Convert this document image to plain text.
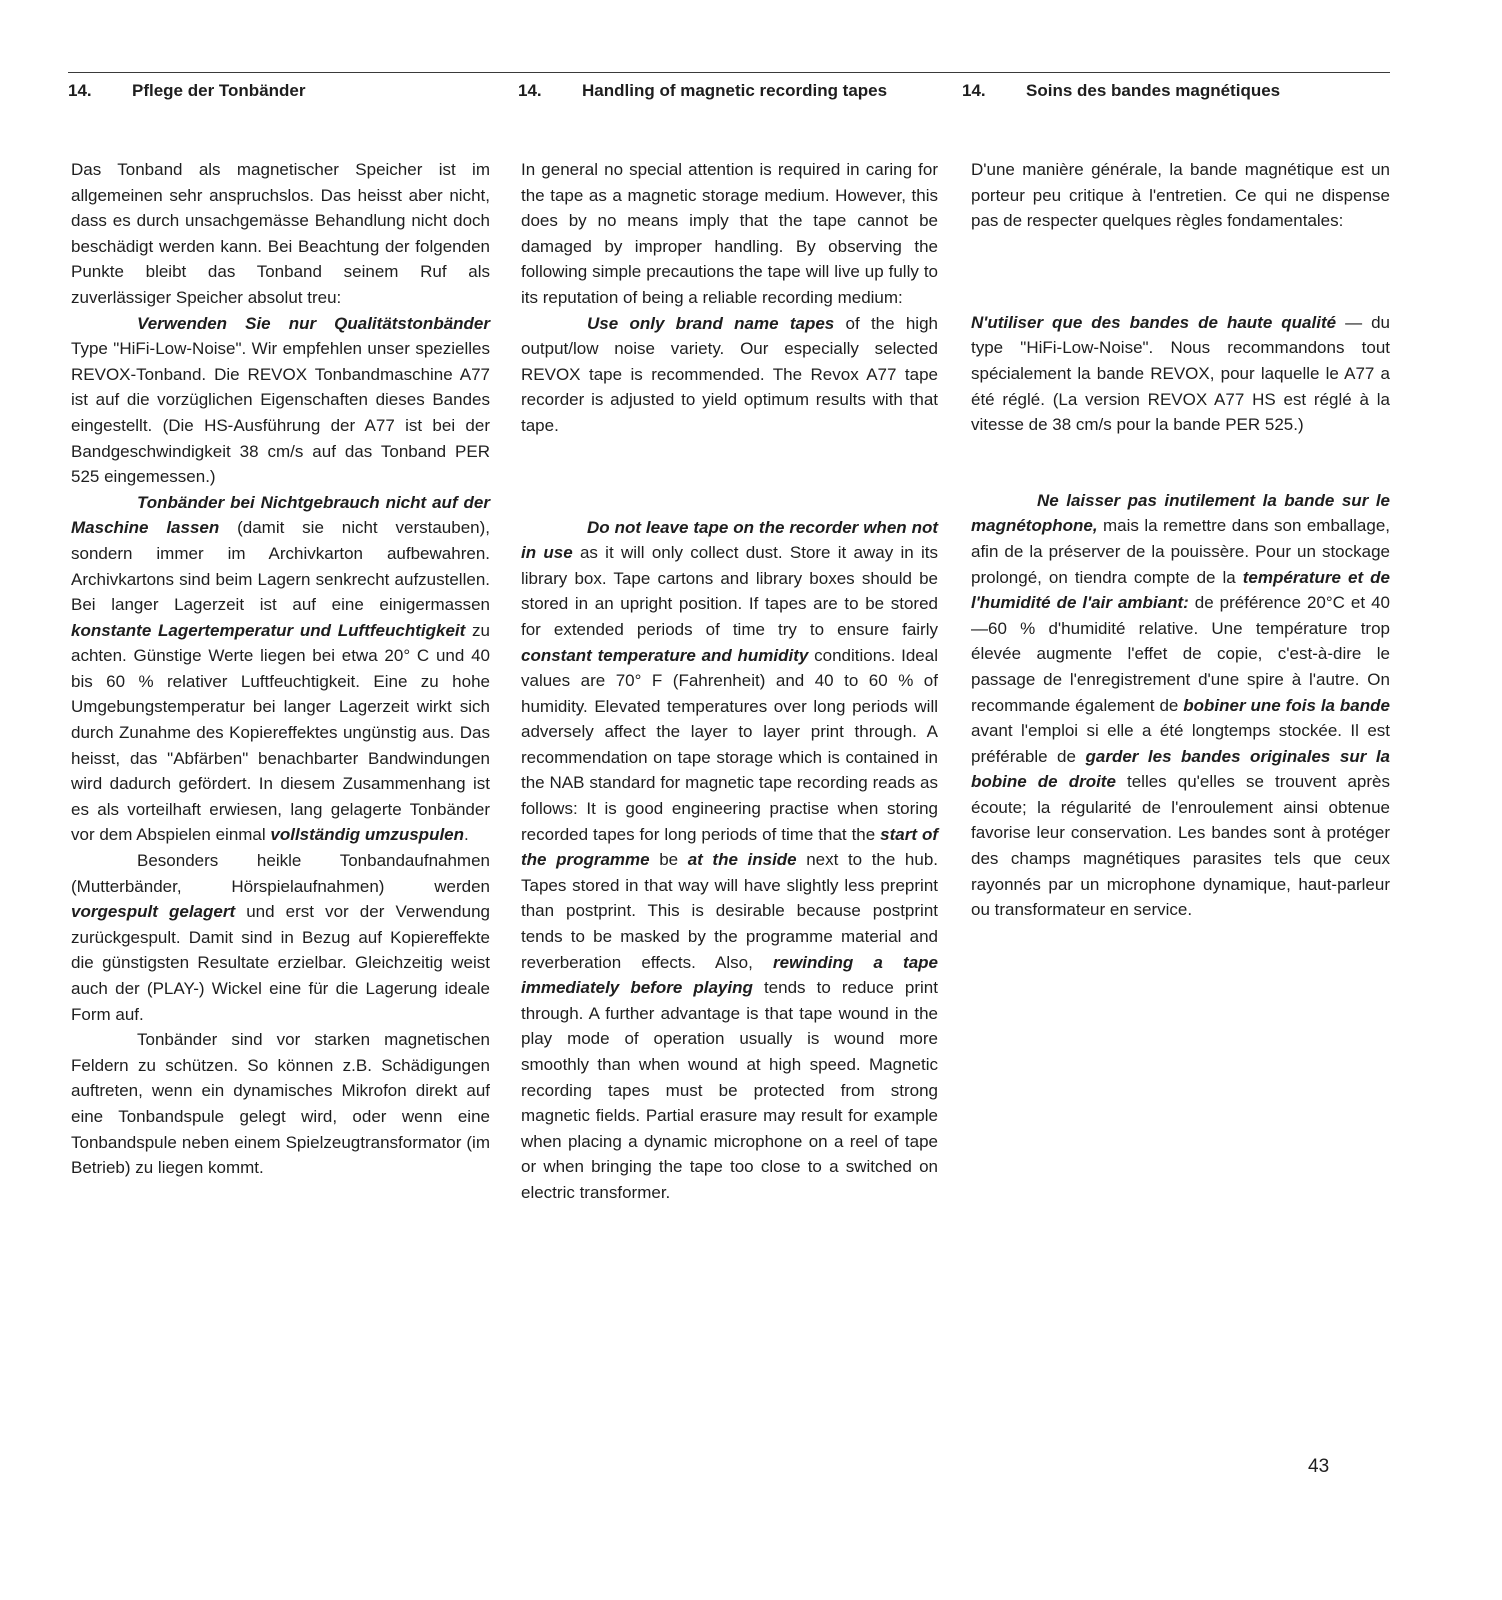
14. Pflege der Tonbänder	14. Handling of magnetic recording tapes	14. Soins des bandes magnétiques

Das Tonband als magnetischer Speicher ist im allgemeinen sehr anspruchslos. Das heisst aber nicht, dass es durch unsachgemässe Behandlung nicht doch beschädigt werden kann. Bei Beachtung der folgenden Punkte bleibt das Tonband seinem Ruf als zuverlässiger Speicher absolut treu:

Verwenden Sie nur Qualitätstonbänder Type "HiFi-Low-Noise". Wir empfehlen unser spezielles REVOX-Tonband. Die REVOX Tonbandmaschine A77 ist auf die vorzüglichen Eigenschaften dieses Bandes eingestellt. (Die HS-Ausführung der A77 ist bei der Bandgeschwindigkeit 38 cm/s auf das Tonband PER 525 eingemessen.)

Tonbänder bei Nichtgebrauch nicht auf der Maschine lassen (damit sie nicht verstauben), sondern immer im Archivkarton aufbewahren. Archivkartons sind beim Lagern senkrecht aufzustellen. Bei langer Lagerzeit ist auf eine einigermassen konstante Lagertemperatur und Luftfeuchtigkeit zu achten. Günstige Werte liegen bei etwa 20° C und 40 bis 60 % relativer Luftfeuchtigkeit. Eine zu hohe Umgebungstemperatur bei langer Lagerzeit wirkt sich durch Zunahme des Kopiereffektes ungünstig aus. Das heisst, das "Abfärben" benachbarter Bandwindungen wird dadurch gefördert. In diesem Zusammenhang ist es als vorteilhaft erwiesen, lang gelagerte Tonbänder vor dem Abspielen einmal vollständig umzuspulen.

Besonders heikle Tonbandaufnahmen (Mutterbänder, Hörspielaufnahmen) werden vorgespult gelagert und erst vor der Verwendung zurückgespult. Damit sind in Bezug auf Kopiereffekte die günstigsten Resultate erzielbar. Gleichzeitig weist auch der (PLAY-) Wickel eine für die Lagerung ideale Form auf.

Tonbänder sind vor starken magnetischen Feldern zu schützen. So können z.B. Schädigungen auftreten, wenn ein dynamisches Mikrofon direkt auf eine Tonbandspule gelegt wird, oder wenn eine Tonbandspule neben einem Spielzeugtransformator (im Betrieb) zu liegen kommt.

In general no special attention is required in caring for the tape as a magnetic storage medium. However, this does by no means imply that the tape cannot be damaged by improper handling. By observing the following simple precautions the tape will live up fully to its reputation of being a reliable recording medium:

Use only brand name tapes of the high output/low noise variety. Our especially selected REVOX tape is recommended. The Revox A77 tape recorder is adjusted to yield optimum results with that tape.

Do not leave tape on the recorder when not in use as it will only collect dust. Store it away in its library box. Tape cartons and library boxes should be stored in an upright position. If tapes are to be stored for extended periods of time try to ensure fairly constant temperature and humidity conditions. Ideal values are 70° F (Fahrenheit) and 40 to 60 % of humidity. Elevated temperatures over long periods will adversely affect the layer to layer print through. A recommendation on tape storage which is contained in the NAB standard for magnetic tape recording reads as follows: It is good engineering practise when storing recorded tapes for long periods of time that the start of the programme be at the inside next to the hub. Tapes stored in that way will have slightly less preprint than postprint. This is desirable because postprint tends to be masked by the programme material and reverberation effects. Also, rewinding a tape immediately before playing tends to reduce print through. A further advantage is that tape wound in the play mode of operation usually is wound more smoothly than when wound at high speed. Magnetic recording tapes must be protected from strong magnetic fields. Partial erasure may result for example when placing a dynamic microphone on a reel of tape or when bringing the tape too close to a switched on electric transformer.

D'une manière générale, la bande magnétique est un porteur peu critique à l'entretien. Ce qui ne dispense pas de respecter quelques règles fondamentales:

N'utiliser que des bandes de haute qualité — du type "HiFi-Low-Noise". Nous recommandons tout spécialement la bande REVOX, pour laquelle le A77 a été réglé. (La version REVOX A77 HS est réglé à la vitesse de 38 cm/s pour la bande PER 525.)

Ne laisser pas inutilement la bande sur le magnétophone, mais la remettre dans son emballage, afin de la préserver de la pouissère. Pour un stockage prolongé, on tiendra compte de la température et de l'humidité de l'air ambiant: de préférence 20°C et 40—60 % d'humidité relative. Une température trop élevée augmente l'effet de copie, c'est-à-dire le passage de l'enregistrement d'une spire à l'autre. On recommande également de bobiner une fois la bande avant l'emploi si elle a été longtemps stockée. Il est préférable de garder les bandes originales sur la bobine de droite telles qu'elles se trouvent après écoute; la régularité de l'enroulement ainsi obtenue favorise leur conservation. Les bandes sont à protéger des champs magnétiques parasites tels que ceux rayonnés par un microphone dynamique, haut-parleur ou transformateur en service.

43
